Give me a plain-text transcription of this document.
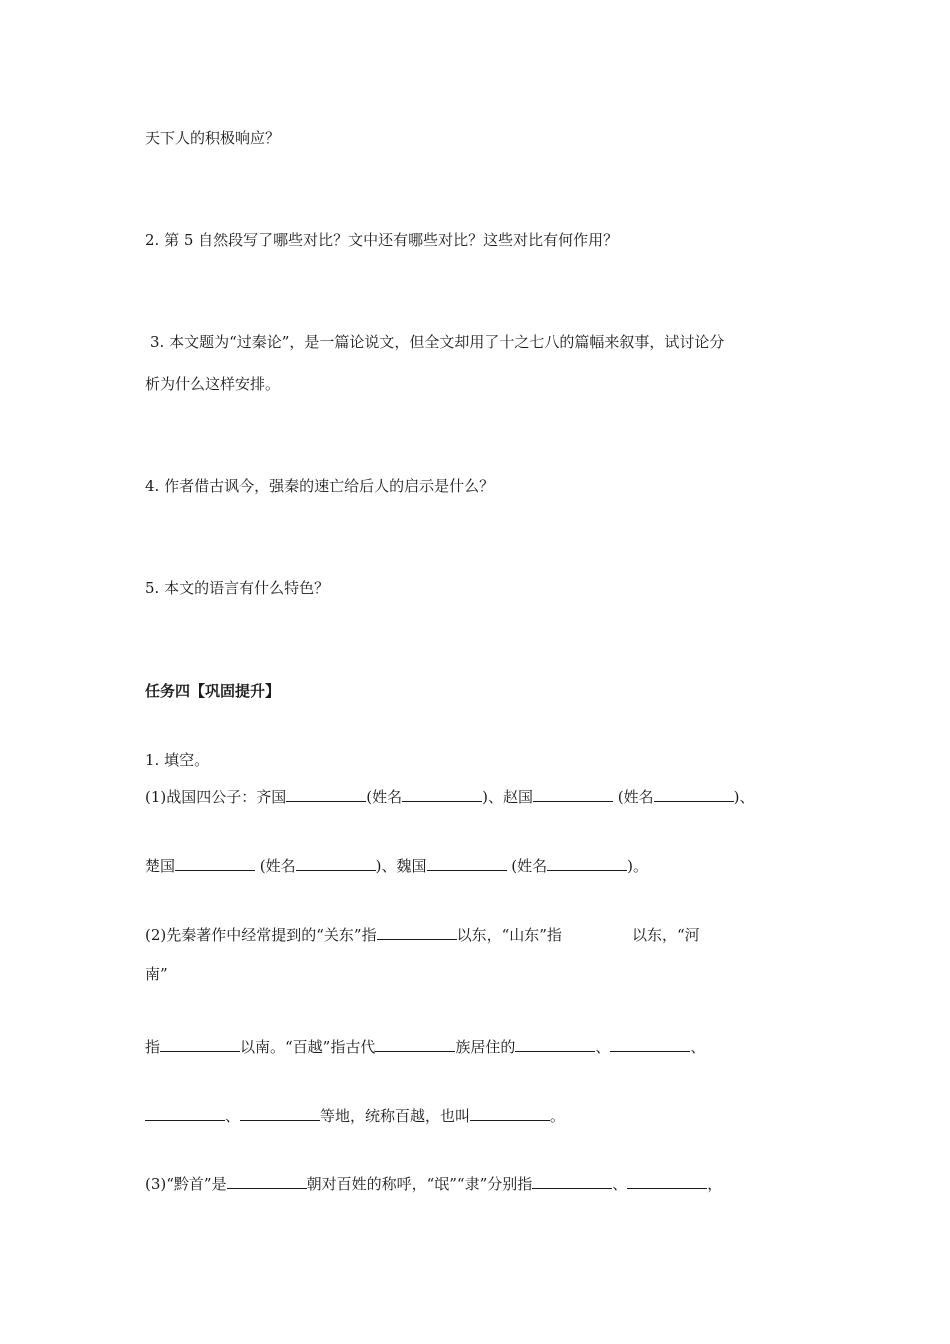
天下人的积极响应？
2. 第 5 自然段写了哪些对比？文中还有哪些对比？这些对比有何作用？
3. 本文题为“过秦论”，是一篇论说文，但全文却用了十之七八的篇幅来叙事，试讨论分
析为什么这样安排。
4. 作者借古讽今，强秦的速亡给后人的启示是什么？
5. 本文的语言有什么特色？
任务四【巩固提升】
1. 填空。
(1)战国四公子：齐国	(姓名	)、赵国	(姓名	)、
楚国	(姓名	)、魏国	(姓名	)。
(2)先秦著作中经常提到的“关东”指	以东，“山东”指	以东，“河
南”
指	以南。“百越”指古代	族居住的	、	、
、	等地，统称百越，也叫	。
(3)“黔首”是	朝对百姓的称呼，“氓”“隶”分别指	、	，
